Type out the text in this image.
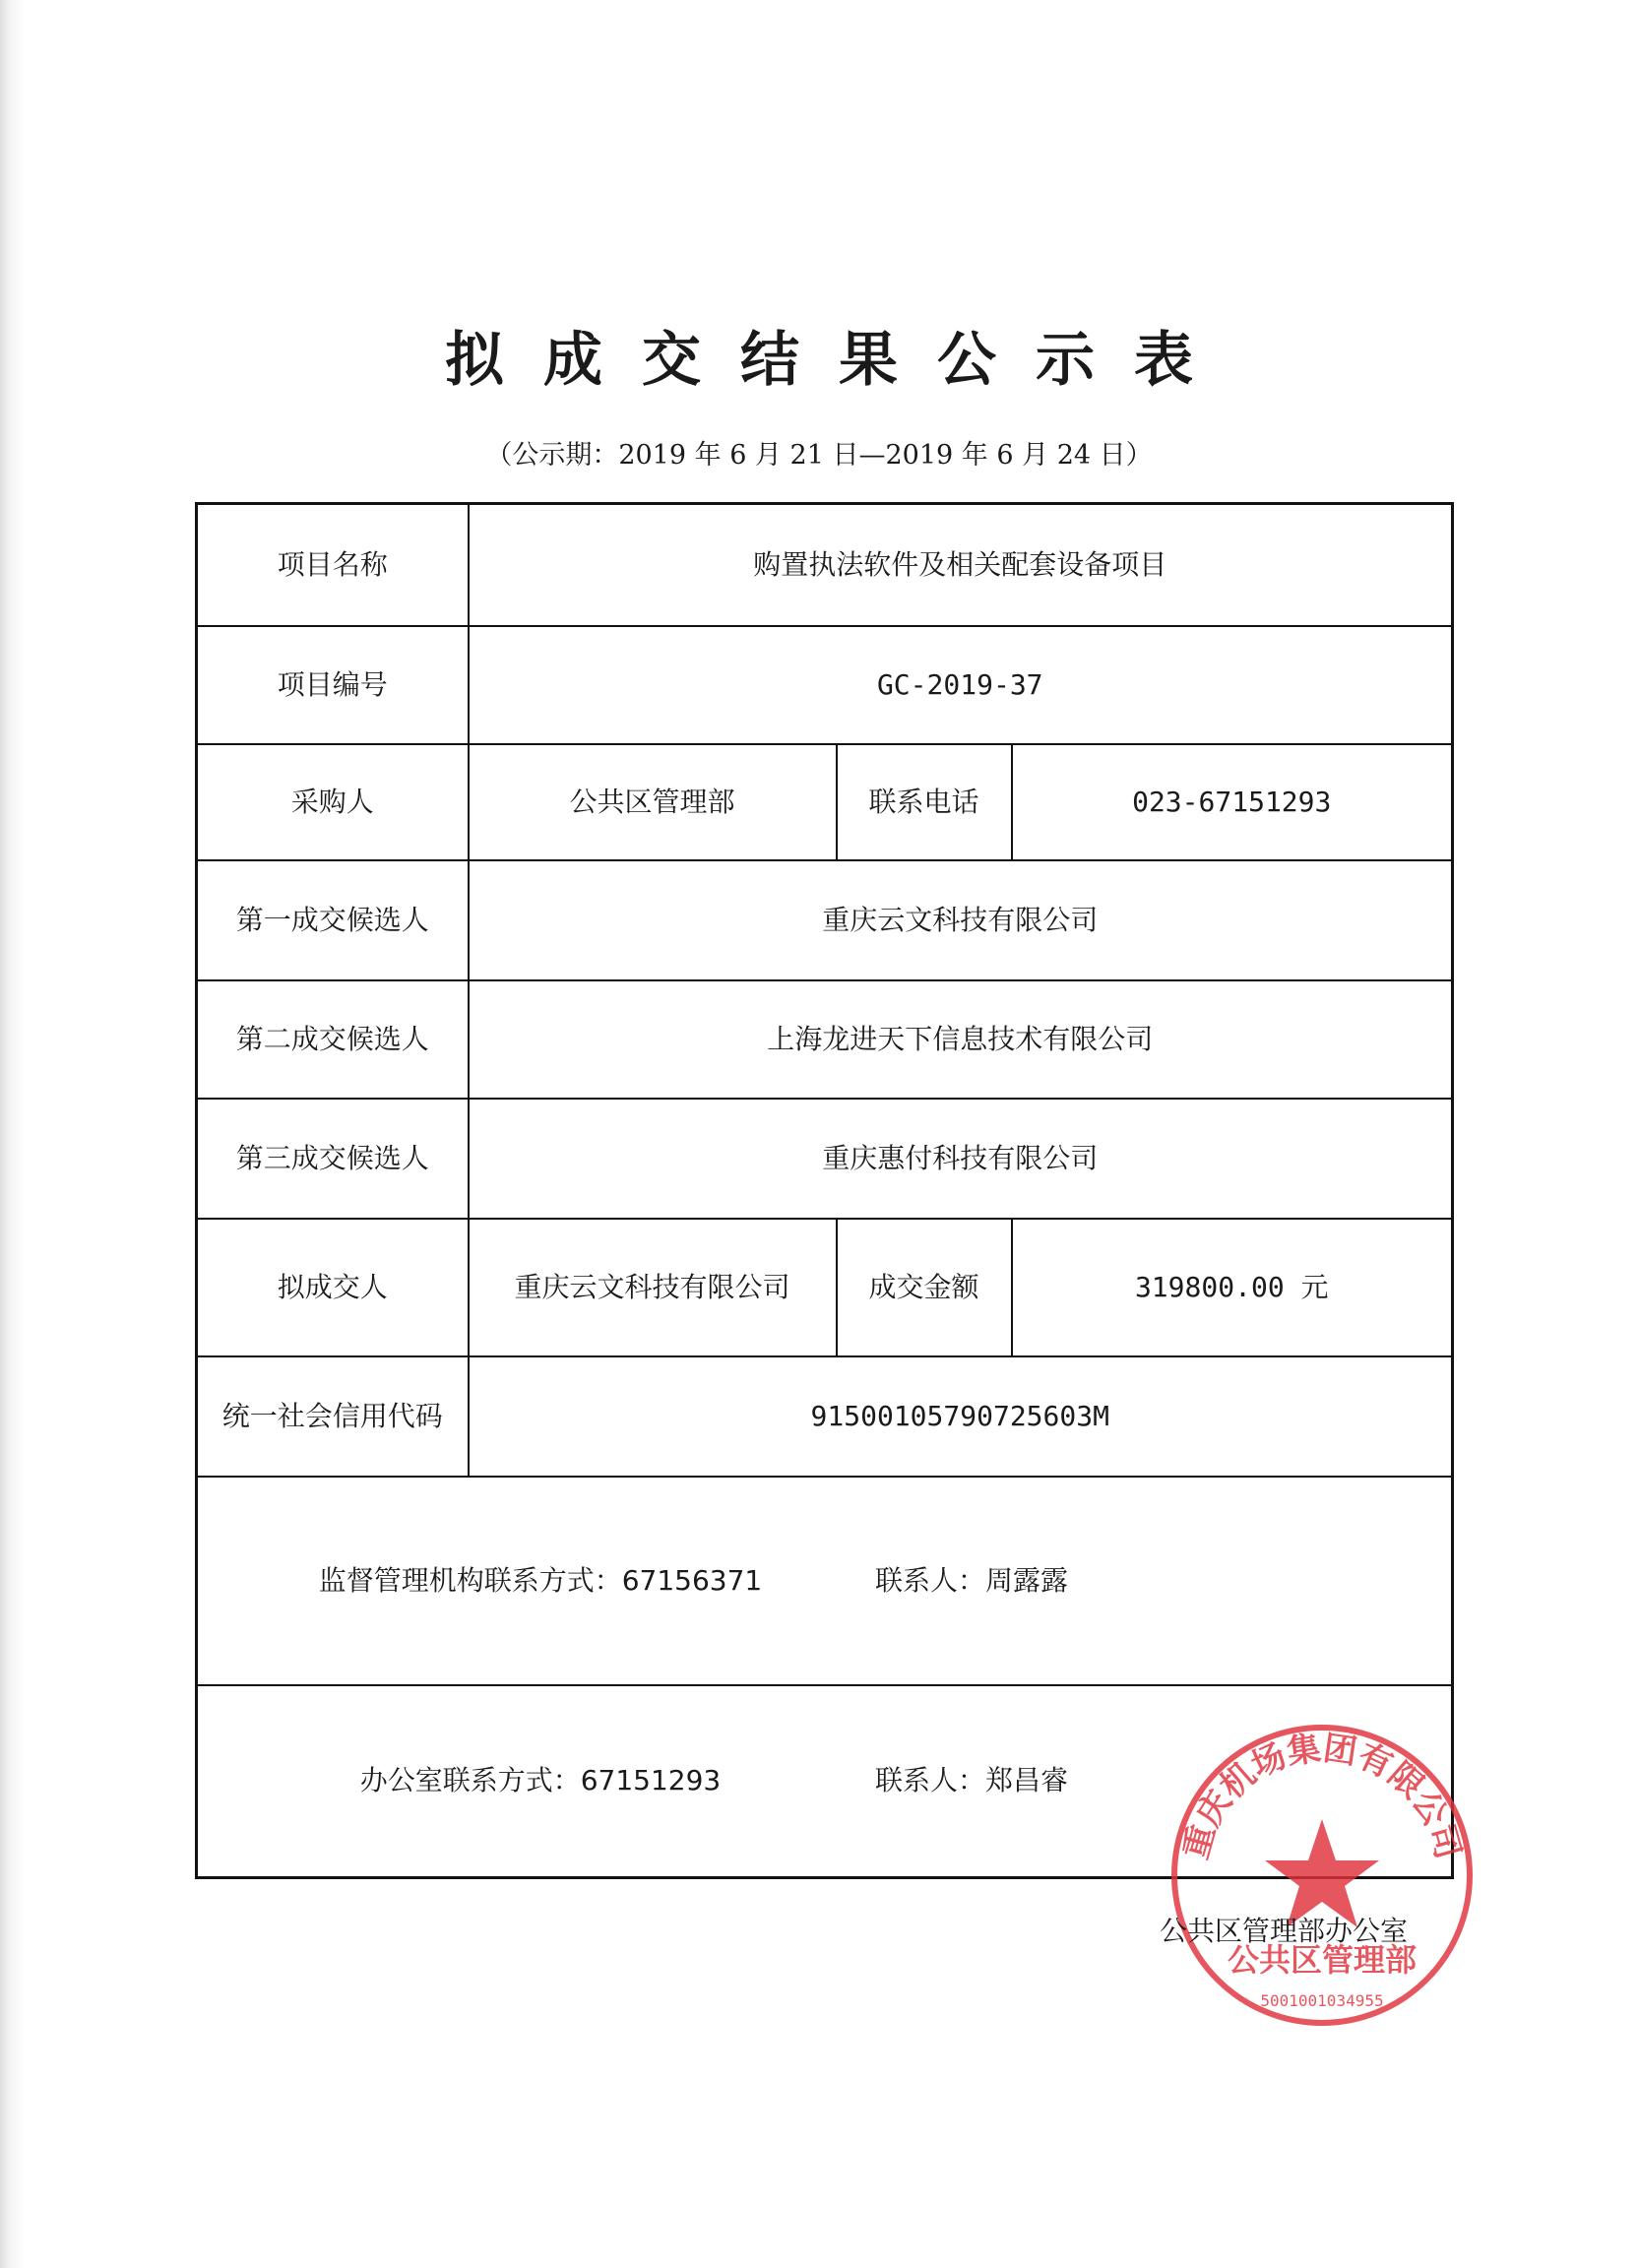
拟成交结果公示表
（公示期：2019 年 6 月 21 日—2019 年 6 月 24 日）
项目名称	购置执法软件及相关配套设备项目		
项目编号	GC-2019-37		
采购人	公共区管理部	联系电话	023-67151293
第一成交候选人	重庆云文科技有限公司		
第二成交候选人	上海龙进天下信息技术有限公司		
第三成交候选人	重庆惠付科技有限公司		
拟成交人	重庆云文科技有限公司	成交金额	319800.00 元
统一社会信用代码	91500105790725603M		

监督管理机构联系方式：67156371 联系人：周露露			

办公室联系方式：67151293 联系人：郑昌睿			
重庆机场集团有限公司
公共区管理部
5001001034955
公共区管理部办公室
